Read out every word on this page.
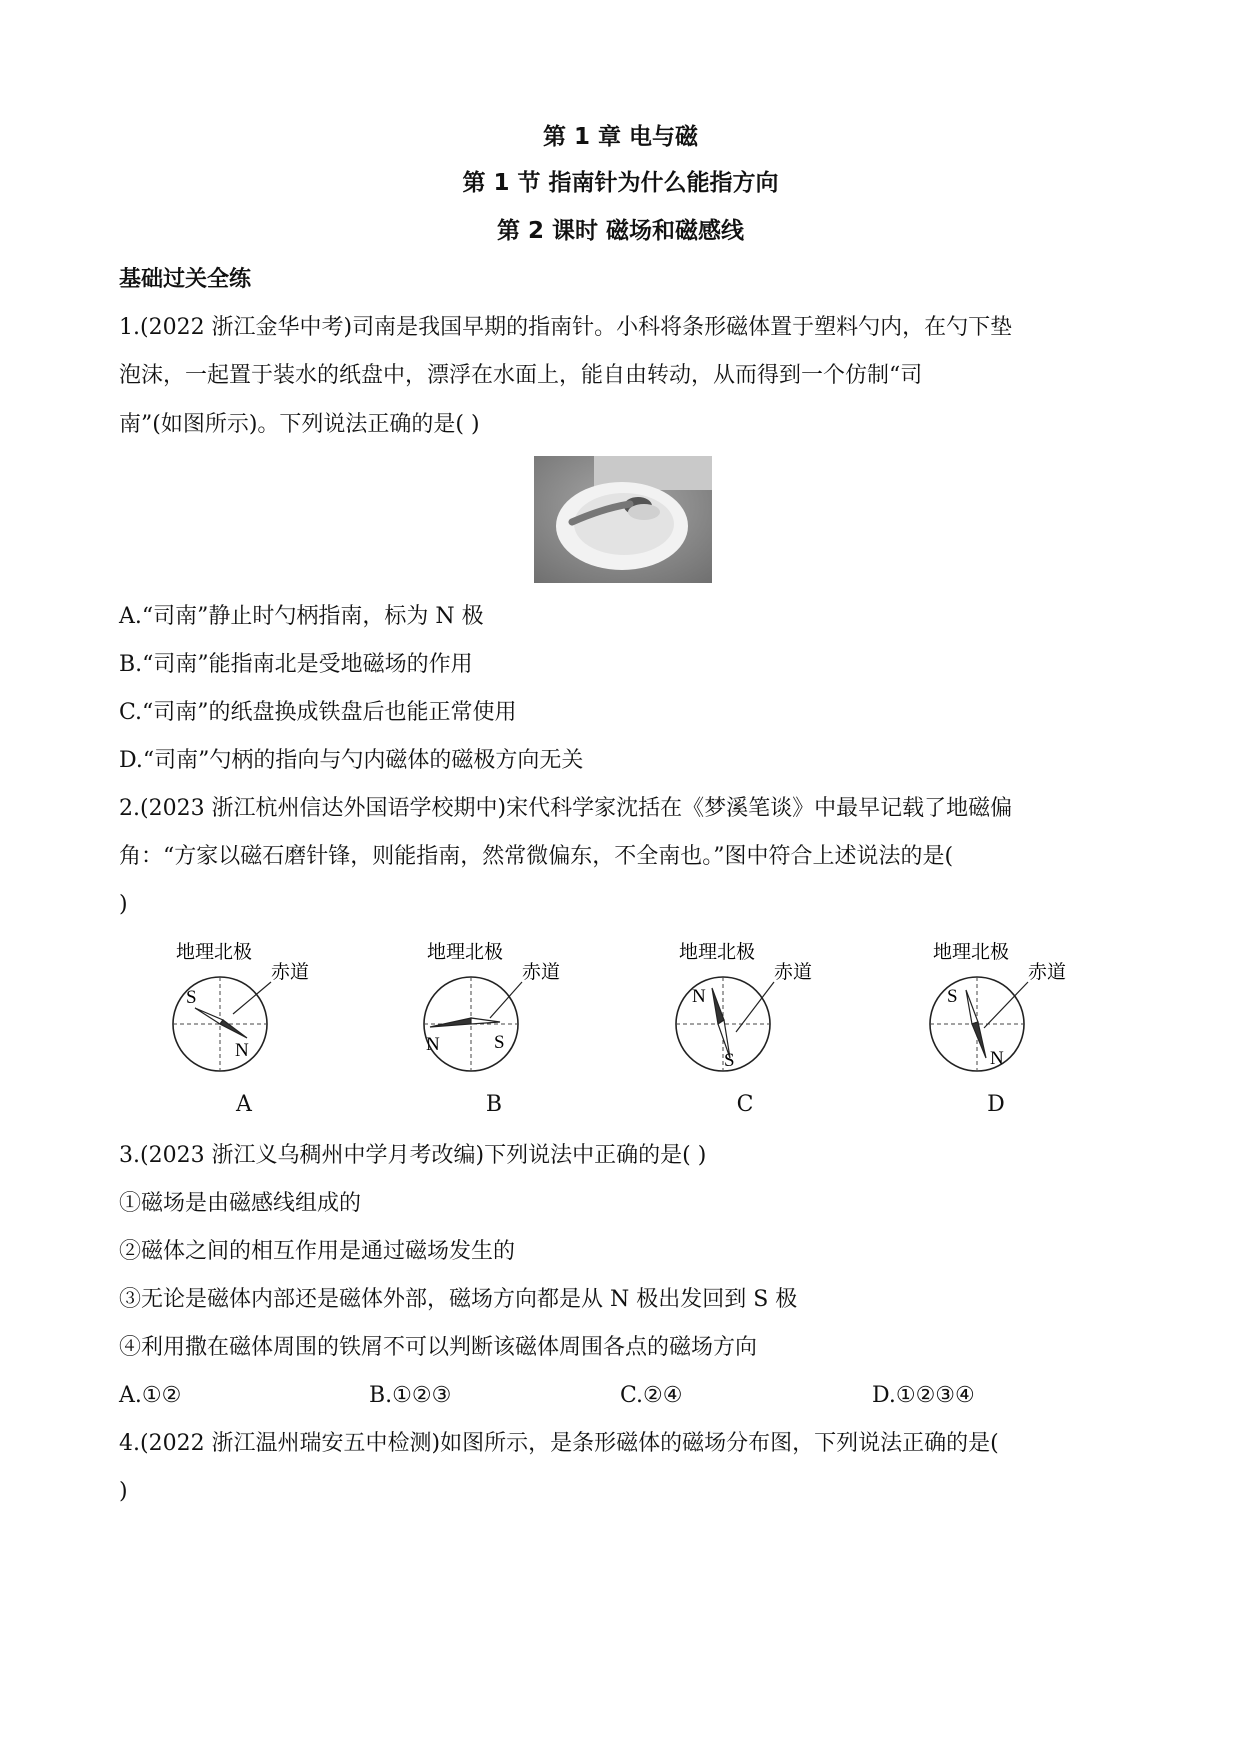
第 1 章 电与磁
第 1 节 指南针为什么能指方向
第 2 课时 磁场和磁感线
基础过关全练
1.(2022 浙江金华中考)司南是我国早期的指南针。小科将条形磁体置于塑料勺内，在勺下垫
泡沫，一起置于装水的纸盘中，漂浮在水面上，能自由转动，从而得到一个仿制“司
南”(如图所示)。下列说法正确的是( )
A.“司南”静止时勺柄指南，标为 N 极
B.“司南”能指南北是受地磁场的作用
C.“司南”的纸盘换成铁盘后也能正常使用
D.“司南”勺柄的指向与勺内磁体的磁极方向无关
2.(2023 浙江杭州信达外国语学校期中)宋代科学家沈括在《梦溪笔谈》中最早记载了地磁偏
角：“方家以磁石磨针锋，则能指南，然常微偏东，不全南也。”图中符合上述说法的是(
)
地理北极
赤道
S
N
地理北极
赤道
N	S
地理北极
赤道
N
S
地理北极
赤道
S
N
A	B	C	D
3.(2023 浙江义乌稠州中学月考改编)下列说法中正确的是( )
①磁场是由磁感线组成的
②磁体之间的相互作用是通过磁场发生的
③无论是磁体内部还是磁体外部，磁场方向都是从 N 极出发回到 S 极
④利用撒在磁体周围的铁屑不可以判断该磁体周围各点的磁场方向
A.①②	B.①②③	C.②④	D.①②③④
4.(2022 浙江温州瑞安五中检测)如图所示，是条形磁体的磁场分布图，下列说法正确的是(
)
